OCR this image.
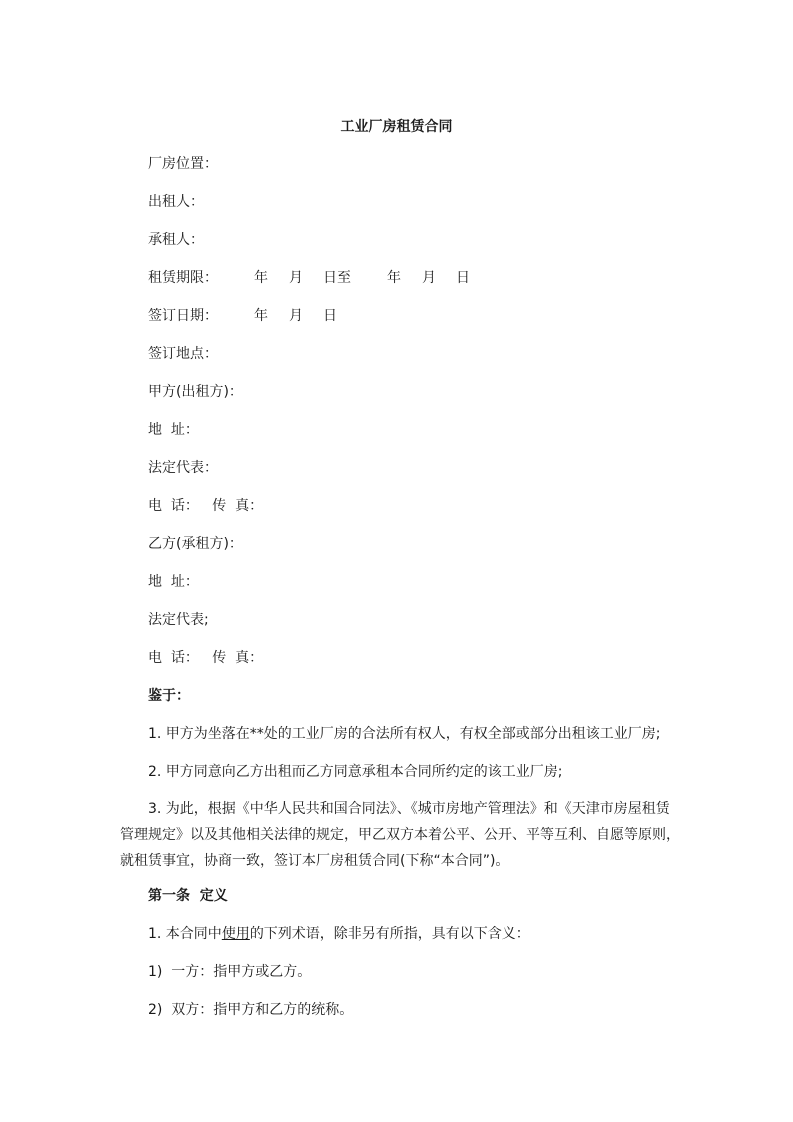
工业厂房租赁合同
厂房位置：
出租人：
承租人：
租赁期限：	年 月 日至	年 月 日
签订日期：	年 月 日
签订地点：
甲方(出租方)：
地  址：
法定代表：
电  话：   传  真：
乙方(承租方)：
地  址：
法定代表;
电  话：   传  真：
鉴于：
1. 甲方为坐落在**处的工业厂房的合法所有权人，有权全部或部分出租该工业厂房;
2. 甲方同意向乙方出租而乙方同意承租本合同所约定的该工业厂房;
3. 为此，根据《中华人民共和国合同法》、《城市房地产管理法》和《天津市房屋租赁管理规定》以及其他相关法律的规定，甲乙双方本着公平、公开、平等互利、自愿等原则，就租赁事宜，协商一致，签订本厂房租赁合同(下称“本合同”)。
第一条  定义
1. 本合同中使用的下列术语，除非另有所指，具有以下含义：
1)  一方：指甲方或乙方。
2)  双方：指甲方和乙方的统称。
